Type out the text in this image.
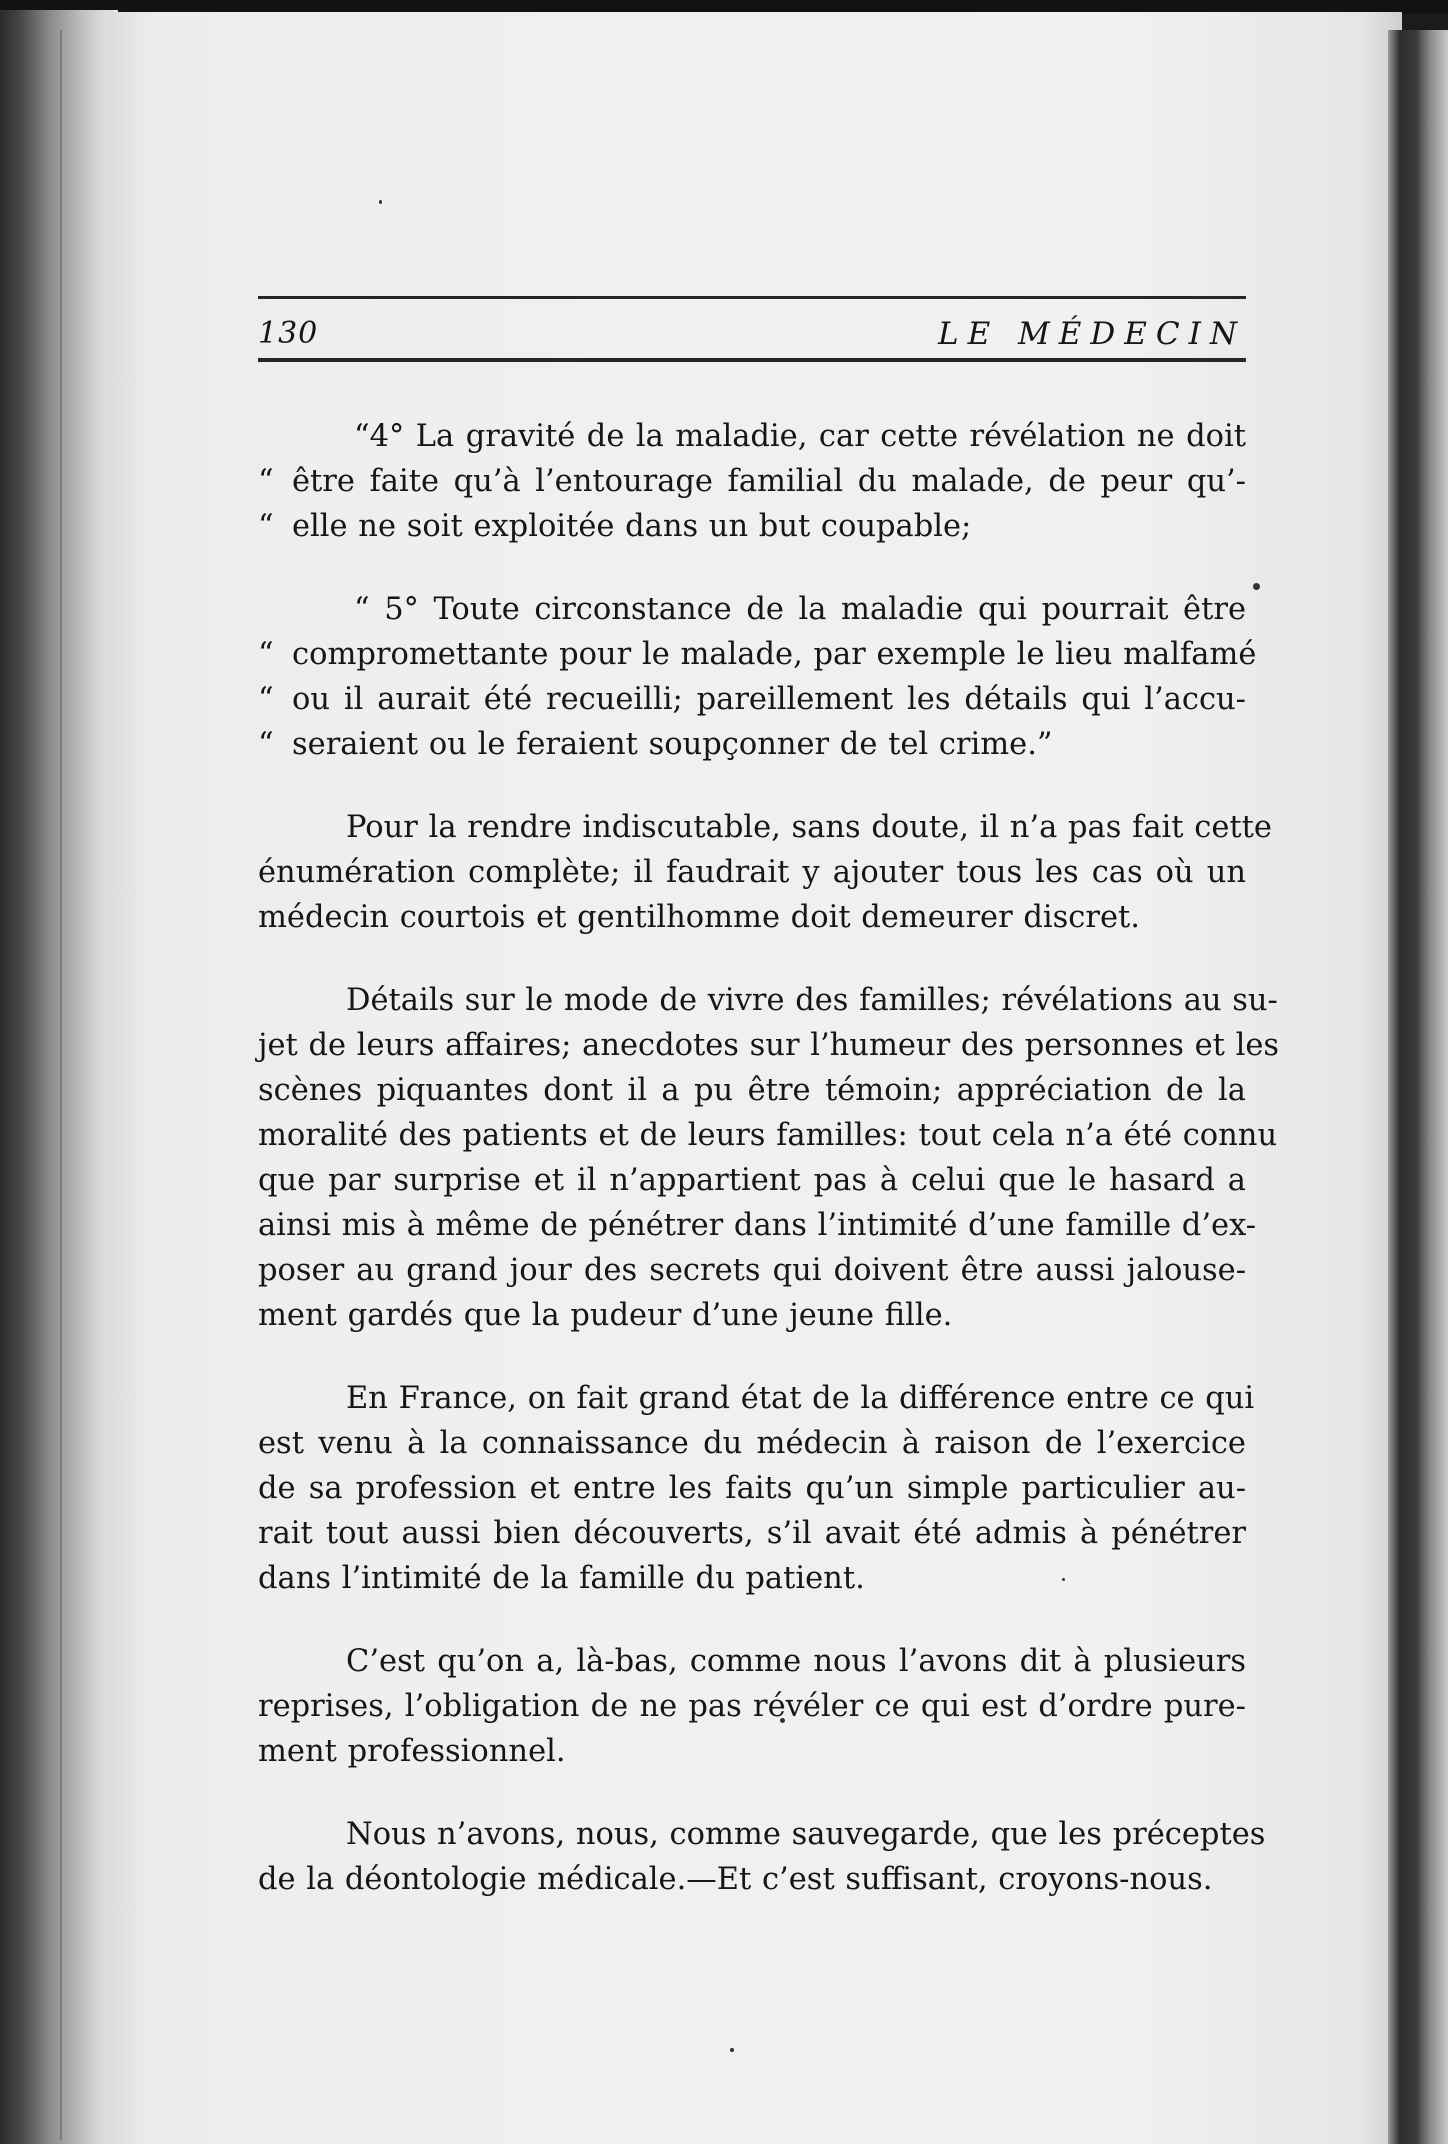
130	LE MÉDECIN

“4° La gravité de la maladie, car cette révélation ne doit
“ être faite qu’à l’entourage familial du malade, de peur qu’-
“ elle ne soit exploitée dans un but coupable;

“ 5° Toute circonstance de la maladie qui pourrait être
“ compromettante pour le malade, par exemple le lieu malfamé
“ ou il aurait été recueilli; pareillement les détails qui l’accu-
“ seraient ou le feraient soupçonner de tel crime.”

Pour la rendre indiscutable, sans doute, il n’a pas fait cette
énumération complète; il faudrait y ajouter tous les cas où un
médecin courtois et gentilhomme doit demeurer discret.

Détails sur le mode de vivre des familles; révélations au su-
jet de leurs affaires; anecdotes sur l’humeur des personnes et les
scènes piquantes dont il a pu être témoin; appréciation de la
moralité des patients et de leurs familles: tout cela n’a été connu
que par surprise et il n’appartient pas à celui que le hasard a
ainsi mis à même de pénétrer dans l’intimité d’une famille d’ex-
poser au grand jour des secrets qui doivent être aussi jalouse-
ment gardés que la pudeur d’une jeune fille.

En France, on fait grand état de la différence entre ce qui
est venu à la connaissance du médecin à raison de l’exercice
de sa profession et entre les faits qu’un simple particulier au-
rait tout aussi bien découverts, s’il avait été admis à pénétrer
dans l’intimité de la famille du patient.

C’est qu’on a, là-bas, comme nous l’avons dit à plusieurs
reprises, l’obligation de ne pas révéler ce qui est d’ordre pure-
ment professionnel.

Nous n’avons, nous, comme sauvegarde, que les préceptes
de la déontologie médicale.—Et c’est suffisant, croyons-nous.
